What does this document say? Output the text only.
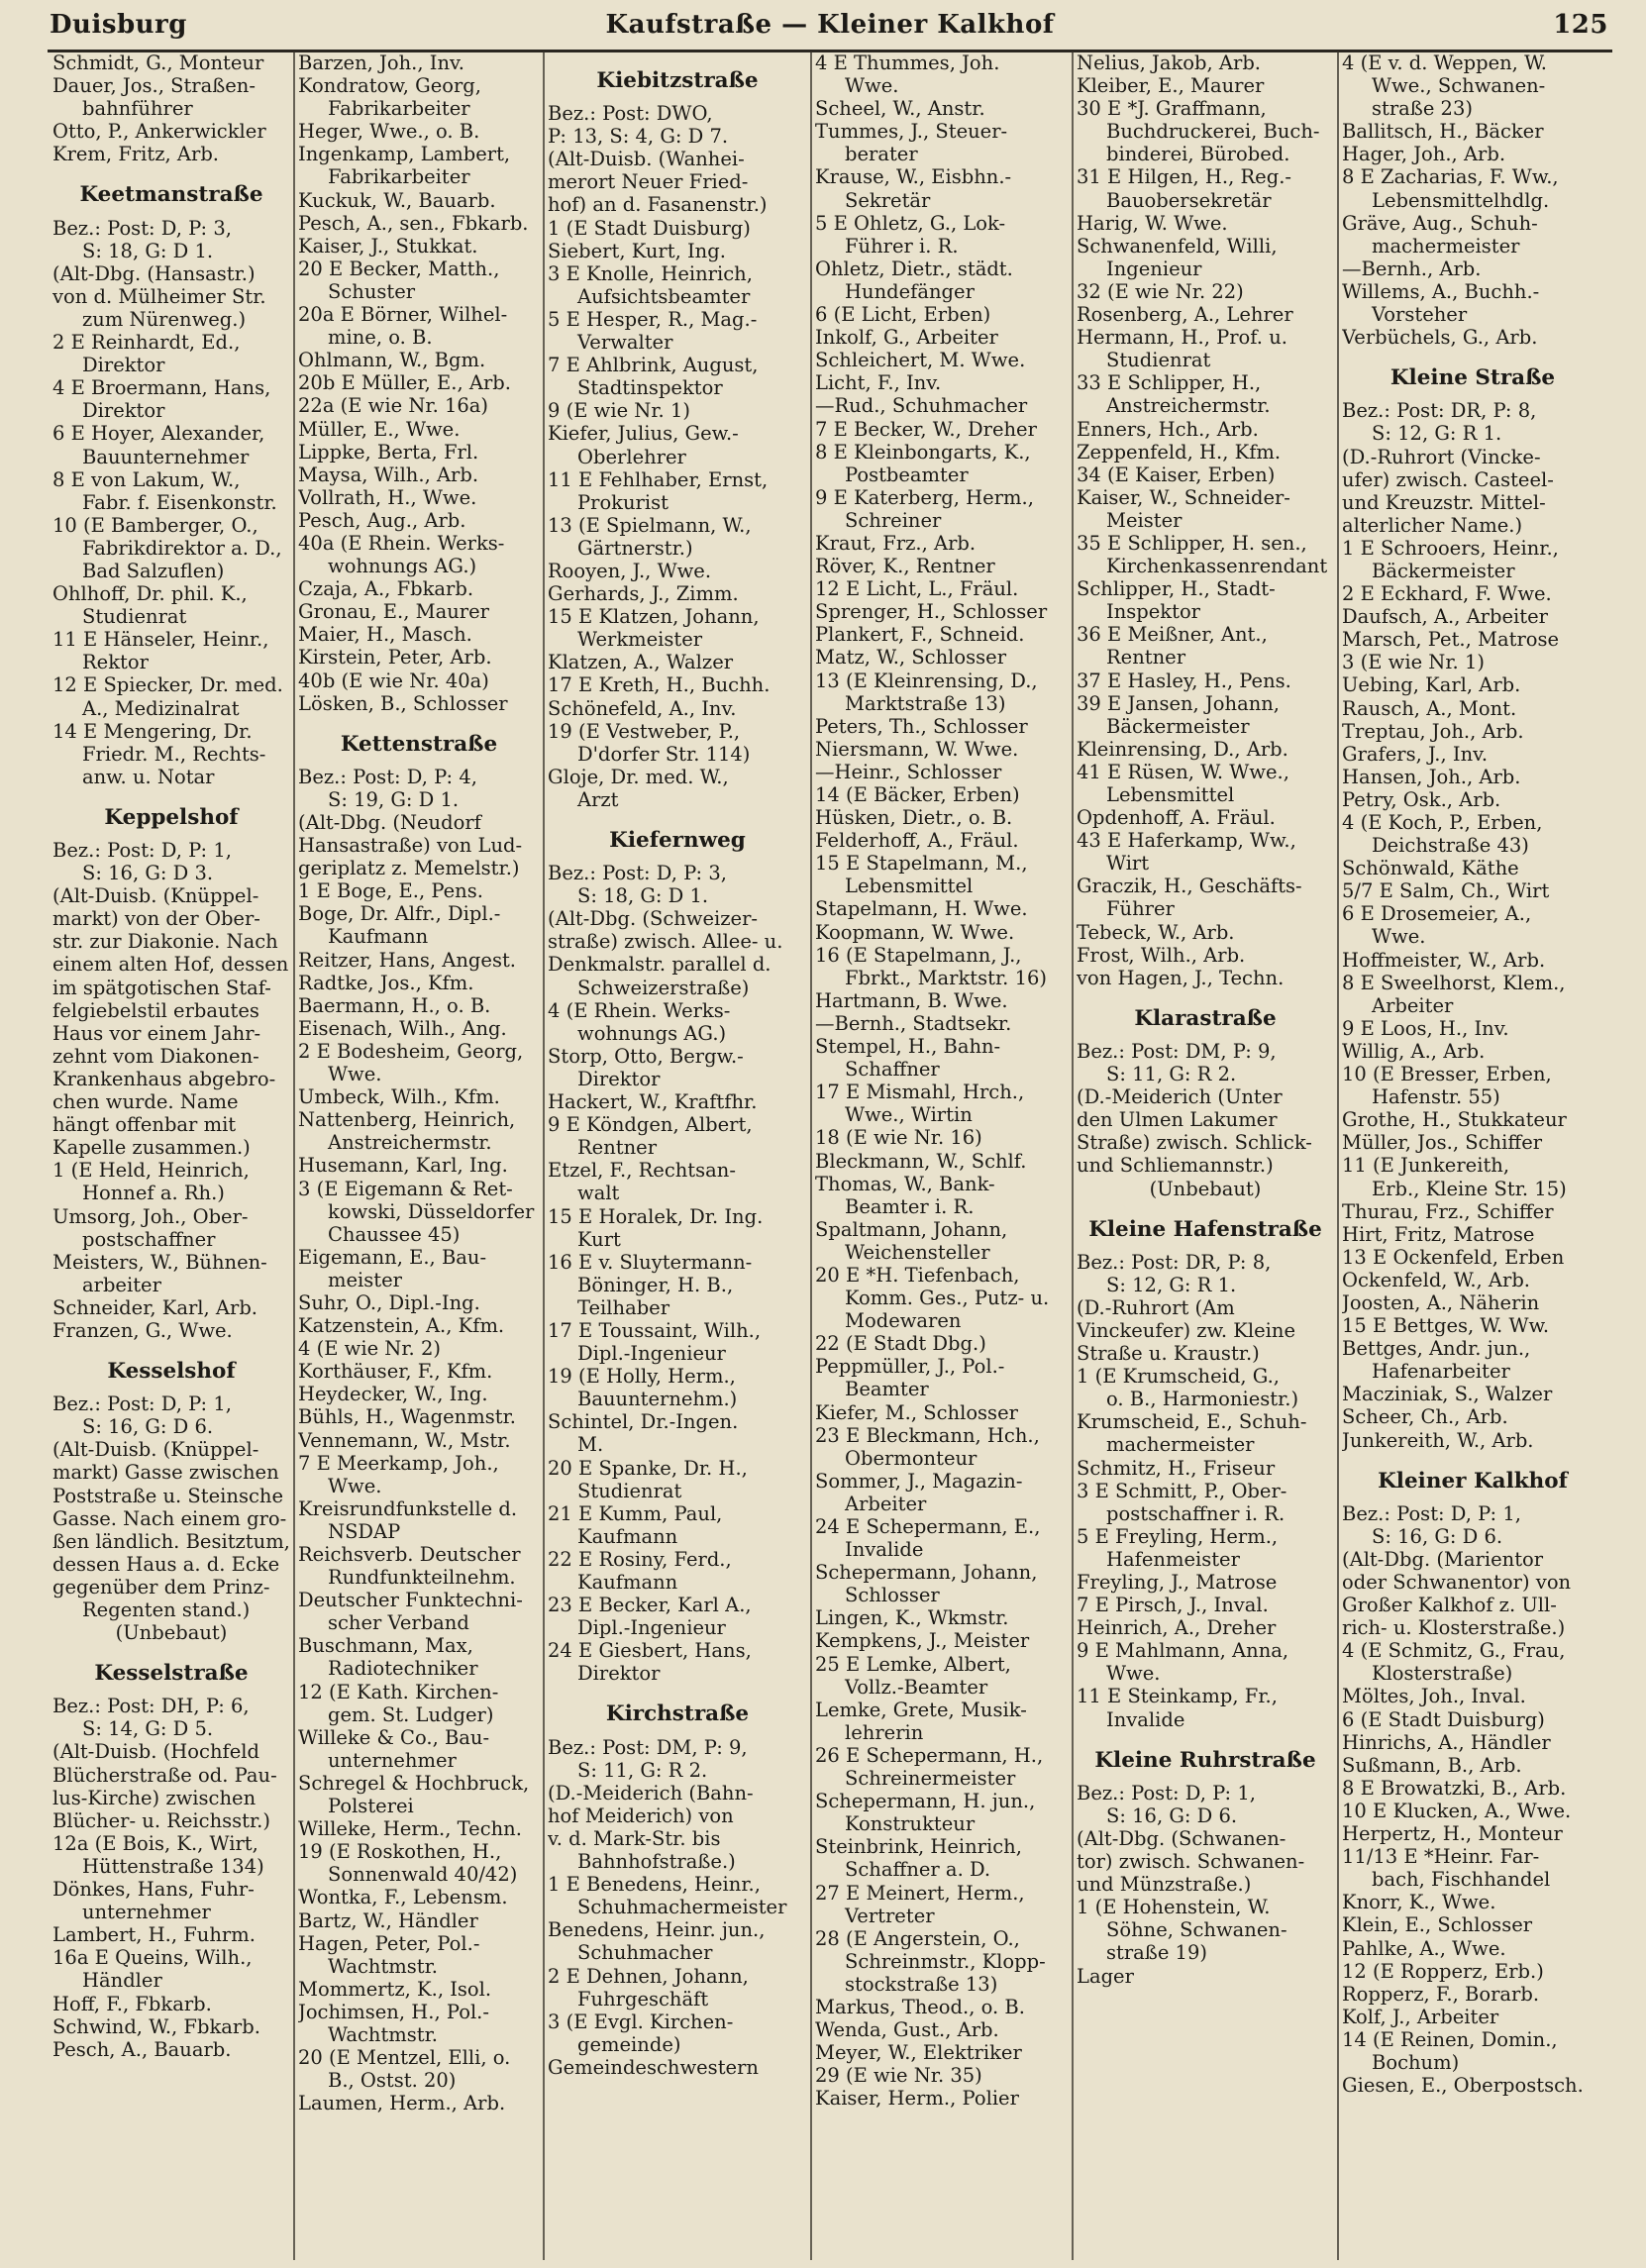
Duisburg	Kaufstraße — Kleiner Kalkhof	125
Schmidt, G., Monteur
Dauer, Jos., Straßen-
bahnführer
Otto, P., Ankerwickler
Krem, Fritz, Arb.
Keetmanstraße
Bez.: Post: D, P: 3,
S: 18, G: D 1.
(Alt-Dbg. (Hansastr.)
von d. Mülheimer Str.
zum Nürenweg.)
2 E Reinhardt, Ed.,
Direktor
4 E Broermann, Hans,
Direktor
6 E Hoyer, Alexander,
Bauunternehmer
8 E von Lakum, W.,
Fabr. f. Eisenkonstr.
10 (E Bamberger, O.,
Fabrikdirektor a. D.,
Bad Salzuflen)
Ohlhoff, Dr. phil. K.,
Studienrat
11 E Hänseler, Heinr.,
Rektor
12 E Spiecker, Dr. med.
A., Medizinalrat
14 E Mengering, Dr.
Friedr. M., Rechts-
anw. u. Notar
Keppelshof
Bez.: Post: D, P: 1,
S: 16, G: D 3.
(Alt-Duisb. (Knüppel-
markt) von der Ober-
str. zur Diakonie. Nach
einem alten Hof, dessen
im spätgotischen Staf-
felgiebelstil erbautes
Haus vor einem Jahr-
zehnt vom Diakonen-
Krankenhaus abgebro-
chen wurde. Name
hängt offenbar mit
Kapelle zusammen.)
1 (E Held, Heinrich,
Honnef a. Rh.)
Umsorg, Joh., Ober-
postschaffner
Meisters, W., Bühnen-
arbeiter
Schneider, Karl, Arb.
Franzen, G., Wwe.
Kesselshof
Bez.: Post: D, P: 1,
S: 16, G: D 6.
(Alt-Duisb. (Knüppel-
markt) Gasse zwischen
Poststraße u. Steinsche
Gasse. Nach einem gro-
ßen ländlich. Besitztum,
dessen Haus a. d. Ecke
gegenüber dem Prinz-
Regenten stand.)
(Unbebaut)
Kesselstraße
Bez.: Post: DH, P: 6,
S: 14, G: D 5.
(Alt-Duisb. (Hochfeld
Blücherstraße od. Pau-
lus-Kirche) zwischen
Blücher- u. Reichsstr.)
12a (E Bois, K., Wirt,
Hüttenstraße 134)
Dönkes, Hans, Fuhr-
unternehmer
Lambert, H., Fuhrm.
16a E Queins, Wilh.,
Händler
Hoff, F., Fbkarb.
Schwind, W., Fbkarb.
Pesch, A., Bauarb.
Barzen, Joh., Inv.
Kondratow, Georg,
Fabrikarbeiter
Heger, Wwe., o. B.
Ingenkamp, Lambert,
Fabrikarbeiter
Kuckuk, W., Bauarb.
Pesch, A., sen., Fbkarb.
Kaiser, J., Stukkat.
20 E Becker, Matth.,
Schuster
20a E Börner, Wilhel-
mine, o. B.
Ohlmann, W., Bgm.
20b E Müller, E., Arb.
22a (E wie Nr. 16a)
Müller, E., Wwe.
Lippke, Berta, Frl.
Maysa, Wilh., Arb.
Vollrath, H., Wwe.
Pesch, Aug., Arb.
40a (E Rhein. Werks-
wohnungs AG.)
Czaja, A., Fbkarb.
Gronau, E., Maurer
Maier, H., Masch.
Kirstein, Peter, Arb.
40b (E wie Nr. 40a)
Lösken, B., Schlosser
Kettenstraße
Bez.: Post: D, P: 4,
S: 19, G: D 1.
(Alt-Dbg. (Neudorf
Hansastraße) von Lud-
geriplatz z. Memelstr.)
1 E Boge, E., Pens.
Boge, Dr. Alfr., Dipl.-
Kaufmann
Reitzer, Hans, Angest.
Radtke, Jos., Kfm.
Baermann, H., o. B.
Eisenach, Wilh., Ang.
2 E Bodesheim, Georg,
Wwe.
Umbeck, Wilh., Kfm.
Nattenberg, Heinrich,
Anstreichermstr.
Husemann, Karl, Ing.
3 (E Eigemann & Ret-
kowski, Düsseldorfer
Chaussee 45)
Eigemann, E., Bau-
meister
Suhr, O., Dipl.-Ing.
Katzenstein, A., Kfm.
4 (E wie Nr. 2)
Korthäuser, F., Kfm.
Heydecker, W., Ing.
Bühls, H., Wagenmstr.
Vennemann, W., Mstr.
7 E Meerkamp, Joh.,
Wwe.
Kreisrundfunkstelle d.
NSDAP
Reichsverb. Deutscher
Rundfunkteilnehm.
Deutscher Funktechni-
scher Verband
Buschmann, Max,
Radiotechniker
12 (E Kath. Kirchen-
gem. St. Ludger)
Willeke & Co., Bau-
unternehmer
Schregel & Hochbruck,
Polsterei
Willeke, Herm., Techn.
19 (E Roskothen, H.,
Sonnenwald 40/42)
Wontka, F., Lebensm.
Bartz, W., Händler
Hagen, Peter, Pol.-
Wachtmstr.
Mommertz, K., Isol.
Jochimsen, H., Pol.-
Wachtmstr.
20 (E Mentzel, Elli, o.
B., Ostst. 20)
Laumen, Herm., Arb.
Kiebitzstraße
Bez.: Post: DWO,
P: 13, S: 4, G: D 7.
(Alt-Duisb. (Wanhei-
merort Neuer Fried-
hof) an d. Fasanenstr.)
1 (E Stadt Duisburg)
Siebert, Kurt, Ing.
3 E Knolle, Heinrich,
Aufsichtsbeamter
5 E Hesper, R., Mag.-
Verwalter
7 E Ahlbrink, August,
Stadtinspektor
9 (E wie Nr. 1)
Kiefer, Julius, Gew.-
Oberlehrer
11 E Fehlhaber, Ernst,
Prokurist
13 (E Spielmann, W.,
Gärtnerstr.)
Rooyen, J., Wwe.
Gerhards, J., Zimm.
15 E Klatzen, Johann,
Werkmeister
Klatzen, A., Walzer
17 E Kreth, H., Buchh.
Schönefeld, A., Inv.
19 (E Vestweber, P.,
D'dorfer Str. 114)
Gloje, Dr. med. W.,
Arzt
Kiefernweg
Bez.: Post: D, P: 3,
S: 18, G: D 1.
(Alt-Dbg. (Schweizer-
straße) zwisch. Allee- u.
Denkmalstr. parallel d.
Schweizerstraße)
4 (E Rhein. Werks-
wohnungs AG.)
Storp, Otto, Bergw.-
Direktor
Hackert, W., Kraftfhr.
9 E Köndgen, Albert,
Rentner
Etzel, F., Rechtsan-
walt
15 E Horalek, Dr. Ing.
Kurt
16 E v. Sluytermann-
Böninger, H. B.,
Teilhaber
17 E Toussaint, Wilh.,
Dipl.-Ingenieur
19 (E Holly, Herm.,
Bauunternehm.)
Schintel, Dr.-Ingen.
M.
20 E Spanke, Dr. H.,
Studienrat
21 E Kumm, Paul,
Kaufmann
22 E Rosiny, Ferd.,
Kaufmann
23 E Becker, Karl A.,
Dipl.-Ingenieur
24 E Giesbert, Hans,
Direktor
Kirchstraße
Bez.: Post: DM, P: 9,
S: 11, G: R 2.
(D.-Meiderich (Bahn-
hof Meiderich) von
v. d. Mark-Str. bis
Bahnhofstraße.)
1 E Benedens, Heinr.,
Schuhmachermeister
Benedens, Heinr. jun.,
Schuhmacher
2 E Dehnen, Johann,
Fuhrgeschäft
3 (E Evgl. Kirchen-
gemeinde)
Gemeindeschwestern
4 E Thummes, Joh.
Wwe.
Scheel, W., Anstr.
Tummes, J., Steuer-
berater
Krause, W., Eisbhn.-
Sekretär
5 E Ohletz, G., Lok-
Führer i. R.
Ohletz, Dietr., städt.
Hundefänger
6 (E Licht, Erben)
Inkolf, G., Arbeiter
Schleichert, M. Wwe.
Licht, F., Inv.
—Rud., Schuhmacher
7 E Becker, W., Dreher
8 E Kleinbongarts, K.,
Postbeamter
9 E Katerberg, Herm.,
Schreiner
Kraut, Frz., Arb.
Röver, K., Rentner
12 E Licht, L., Fräul.
Sprenger, H., Schlosser
Plankert, F., Schneid.
Matz, W., Schlosser
13 (E Kleinrensing, D.,
Marktstraße 13)
Peters, Th., Schlosser
Niersmann, W. Wwe.
—Heinr., Schlosser
14 (E Bäcker, Erben)
Hüsken, Dietr., o. B.
Felderhoff, A., Fräul.
15 E Stapelmann, M.,
Lebensmittel
Stapelmann, H. Wwe.
Koopmann, W. Wwe.
16 (E Stapelmann, J.,
Fbrkt., Marktstr. 16)
Hartmann, B. Wwe.
—Bernh., Stadtsekr.
Stempel, H., Bahn-
Schaffner
17 E Mismahl, Hrch.,
Wwe., Wirtin
18 (E wie Nr. 16)
Bleckmann, W., Schlf.
Thomas, W., Bank-
Beamter i. R.
Spaltmann, Johann,
Weichensteller
20 E *H. Tiefenbach,
Komm. Ges., Putz- u.
Modewaren
22 (E Stadt Dbg.)
Peppmüller, J., Pol.-
Beamter
Kiefer, M., Schlosser
23 E Bleckmann, Hch.,
Obermonteur
Sommer, J., Magazin-
Arbeiter
24 E Schepermann, E.,
Invalide
Schepermann, Johann,
Schlosser
Lingen, K., Wkmstr.
Kempkens, J., Meister
25 E Lemke, Albert,
Vollz.-Beamter
Lemke, Grete, Musik-
lehrerin
26 E Schepermann, H.,
Schreinermeister
Schepermann, H. jun.,
Konstrukteur
Steinbrink, Heinrich,
Schaffner a. D.
27 E Meinert, Herm.,
Vertreter
28 (E Angerstein, O.,
Schreinmstr., Klopp-
stockstraße 13)
Markus, Theod., o. B.
Wenda, Gust., Arb.
Meyer, W., Elektriker
29 (E wie Nr. 35)
Kaiser, Herm., Polier
Nelius, Jakob, Arb.
Kleiber, E., Maurer
30 E *J. Graffmann,
Buchdruckerei, Buch-
binderei, Bürobed.
31 E Hilgen, H., Reg.-
Bauobersekretär
Harig, W. Wwe.
Schwanenfeld, Willi,
Ingenieur
32 (E wie Nr. 22)
Rosenberg, A., Lehrer
Hermann, H., Prof. u.
Studienrat
33 E Schlipper, H.,
Anstreichermstr.
Enners, Hch., Arb.
Zeppenfeld, H., Kfm.
34 (E Kaiser, Erben)
Kaiser, W., Schneider-
Meister
35 E Schlipper, H. sen.,
Kirchenkassenrendant
Schlipper, H., Stadt-
Inspektor
36 E Meißner, Ant.,
Rentner
37 E Hasley, H., Pens.
39 E Jansen, Johann,
Bäckermeister
Kleinrensing, D., Arb.
41 E Rüsen, W. Wwe.,
Lebensmittel
Opdenhoff, A. Fräul.
43 E Haferkamp, Ww.,
Wirt
Graczik, H., Geschäfts-
Führer
Tebeck, W., Arb.
Frost, Wilh., Arb.
von Hagen, J., Techn.
Klarastraße
Bez.: Post: DM, P: 9,
S: 11, G: R 2.
(D.-Meiderich (Unter
den Ulmen Lakumer
Straße) zwisch. Schlick-
und Schliemannstr.)
(Unbebaut)
Kleine Hafenstraße
Bez.: Post: DR, P: 8,
S: 12, G: R 1.
(D.-Ruhrort (Am
Vinckeufer) zw. Kleine
Straße u. Kraustr.)
1 (E Krumscheid, G.,
o. B., Harmoniestr.)
Krumscheid, E., Schuh-
machermeister
Schmitz, H., Friseur
3 E Schmitt, P., Ober-
postschaffner i. R.
5 E Freyling, Herm.,
Hafenmeister
Freyling, J., Matrose
7 E Pirsch, J., Inval.
Heinrich, A., Dreher
9 E Mahlmann, Anna,
Wwe.
11 E Steinkamp, Fr.,
Invalide
Kleine Ruhrstraße
Bez.: Post: D, P: 1,
S: 16, G: D 6.
(Alt-Dbg. (Schwanen-
tor) zwisch. Schwanen-
und Münzstraße.)
1 (E Hohenstein, W.
Söhne, Schwanen-
straße 19)
Lager
4 (E v. d. Weppen, W.
Wwe., Schwanen-
straße 23)
Ballitsch, H., Bäcker
Hager, Joh., Arb.
8 E Zacharias, F. Ww.,
Lebensmittelhdlg.
Gräve, Aug., Schuh-
machermeister
—Bernh., Arb.
Willems, A., Buchh.-
Vorsteher
Verbüchels, G., Arb.
Kleine Straße
Bez.: Post: DR, P: 8,
S: 12, G: R 1.
(D.-Ruhrort (Vincke-
ufer) zwisch. Casteel-
und Kreuzstr. Mittel-
alterlicher Name.)
1 E Schrooers, Heinr.,
Bäckermeister
2 E Eckhard, F. Wwe.
Daufsch, A., Arbeiter
Marsch, Pet., Matrose
3 (E wie Nr. 1)
Uebing, Karl, Arb.
Rausch, A., Mont.
Treptau, Joh., Arb.
Grafers, J., Inv.
Hansen, Joh., Arb.
Petry, Osk., Arb.
4 (E Koch, P., Erben,
Deichstraße 43)
Schönwald, Käthe
5/7 E Salm, Ch., Wirt
6 E Drosemeier, A.,
Wwe.
Hoffmeister, W., Arb.
8 E Sweelhorst, Klem.,
Arbeiter
9 E Loos, H., Inv.
Willig, A., Arb.
10 (E Bresser, Erben,
Hafenstr. 55)
Grothe, H., Stukkateur
Müller, Jos., Schiffer
11 (E Junkereith,
Erb., Kleine Str. 15)
Thurau, Frz., Schiffer
Hirt, Fritz, Matrose
13 E Ockenfeld, Erben
Ockenfeld, W., Arb.
Joosten, A., Näherin
15 E Bettges, W. Ww.
Bettges, Andr. jun.,
Hafenarbeiter
Macziniak, S., Walzer
Scheer, Ch., Arb.
Junkereith, W., Arb.
Kleiner Kalkhof
Bez.: Post: D, P: 1,
S: 16, G: D 6.
(Alt-Dbg. (Marientor
oder Schwanentor) von
Großer Kalkhof z. Ull-
rich- u. Klosterstraße.)
4 (E Schmitz, G., Frau,
Klosterstraße)
Möltes, Joh., Inval.
6 (E Stadt Duisburg)
Hinrichs, A., Händler
Sußmann, B., Arb.
8 E Browatzki, B., Arb.
10 E Klucken, A., Wwe.
Herpertz, H., Monteur
11/13 E *Heinr. Far-
bach, Fischhandel
Knorr, K., Wwe.
Klein, E., Schlosser
Pahlke, A., Wwe.
12 (E Ropperz, Erb.)
Ropperz, F., Borarb.
Kolf, J., Arbeiter
14 (E Reinen, Domin.,
Bochum)
Giesen, E., Oberpostsch.
